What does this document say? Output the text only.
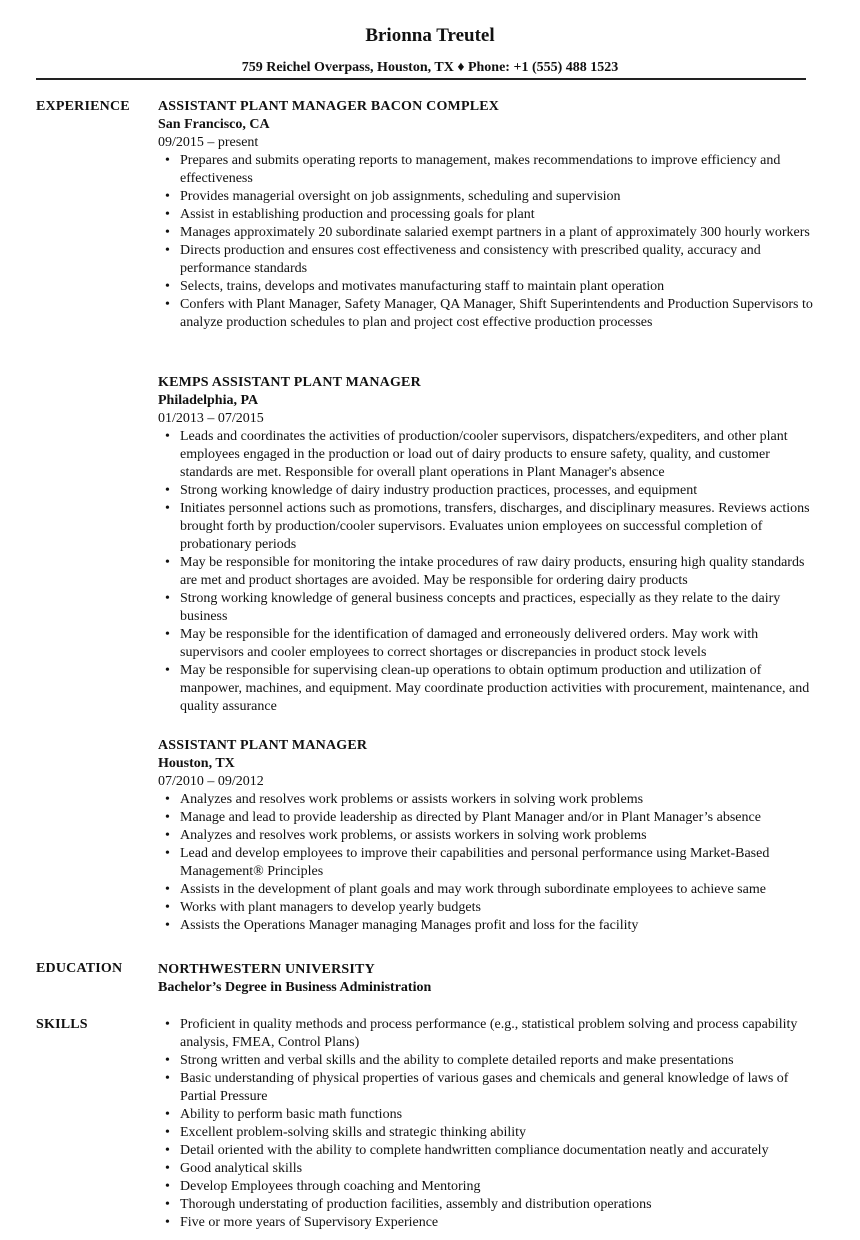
Brionna Treutel
759 Reichel Overpass, Houston, TX ♦ Phone: +1 (555) 488 1523
EXPERIENCE ASSISTANT PLANT MANAGER BACON COMPLEX
San Francisco, CA
09/2015 – present
• Prepares and submits operating reports to management, makes recommendations to improve efficiency and effectiveness
• Provides managerial oversight on job assignments, scheduling and supervision
• Assist in establishing production and processing goals for plant
• Manages approximately 20 subordinate salaried exempt partners in a plant of approximately 300 hourly workers
• Directs production and ensures cost effectiveness and consistency with prescribed quality, accuracy and performance standards
• Selects, trains, develops and motivates manufacturing staff to maintain plant operation
• Confers with Plant Manager, Safety Manager, QA Manager, Shift Superintendents and Production Supervisors to analyze production schedules to plan and project cost effective production processes
KEMPS ASSISTANT PLANT MANAGER
Philadelphia, PA
01/2013 – 07/2015
• Leads and coordinates the activities of production/cooler supervisors, dispatchers/expediters, and other plant employees engaged in the production or load out of dairy products to ensure safety, quality, and customer standards are met. Responsible for overall plant operations in Plant Manager's absence
• Strong working knowledge of dairy industry production practices, processes, and equipment
• Initiates personnel actions such as promotions, transfers, discharges, and disciplinary measures. Reviews actions brought forth by production/cooler supervisors. Evaluates union employees on successful completion of probationary periods
• May be responsible for monitoring the intake procedures of raw dairy products, ensuring high quality standards are met and product shortages are avoided. May be responsible for ordering dairy products
• Strong working knowledge of general business concepts and practices, especially as they relate to the dairy business
• May be responsible for the identification of damaged and erroneously delivered orders. May work with supervisors and cooler employees to correct shortages or discrepancies in product stock levels
• May be responsible for supervising clean-up operations to obtain optimum production and utilization of manpower, machines, and equipment. May coordinate production activities with procurement, maintenance, and quality assurance
ASSISTANT PLANT MANAGER
Houston, TX
07/2010 – 09/2012
• Analyzes and resolves work problems or assists workers in solving work problems
• Manage and lead to provide leadership as directed by Plant Manager and/or in Plant Manager’s absence
• Analyzes and resolves work problems, or assists workers in solving work problems
• Lead and develop employees to improve their capabilities and personal performance using Market-Based Management® Principles
• Assists in the development of plant goals and may work through subordinate employees to achieve same
• Works with plant managers to develop yearly budgets
• Assists the Operations Manager managing Manages profit and loss for the facility
EDUCATION	NORTHWESTERN UNIVERSITY
Bachelor’s Degree in Business Administration
SKILLS	• Proficient in quality methods and process performance (e.g., statistical problem solving and process capability analysis, FMEA, Control Plans)
• Strong written and verbal skills and the ability to complete detailed reports and make presentations
• Basic understanding of physical properties of various gases and chemicals and general knowledge of laws of Partial Pressure
• Ability to perform basic math functions
• Excellent problem-solving skills and strategic thinking ability
• Detail oriented with the ability to complete handwritten compliance documentation neatly and accurately
• Good analytical skills
• Develop Employees through coaching and Mentoring
• Thorough understating of production facilities, assembly and distribution operations
• Five or more years of Supervisory Experience
